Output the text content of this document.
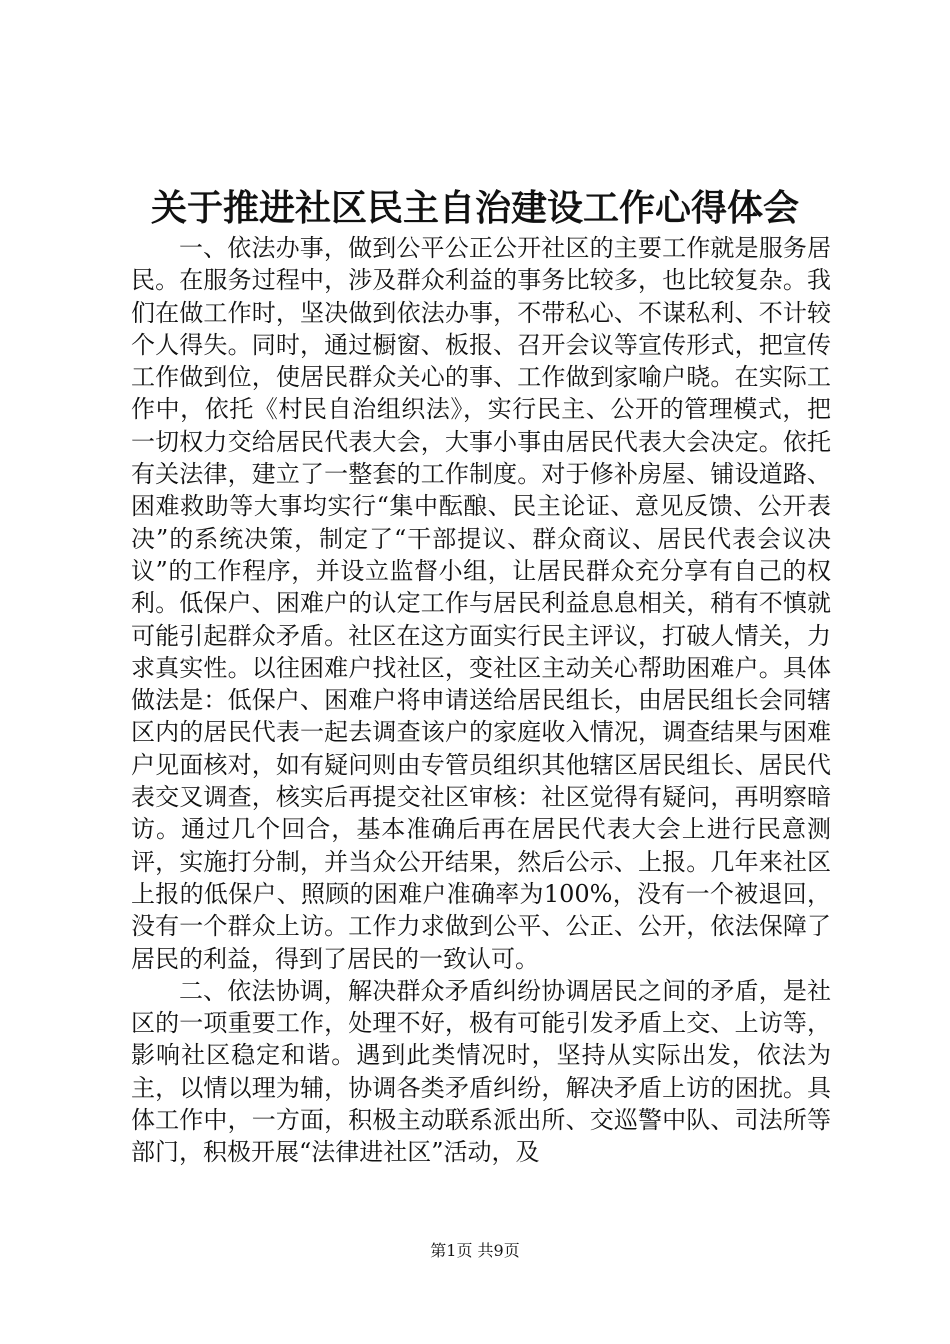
关于推进社区民主自治建设工作心得体会

一、依法办事，做到公平公正公开社区的主要工作就是服务居民。在服务过程中，涉及群众利益的事务比较多，也比较复杂。我们在做工作时，坚决做到依法办事，不带私心、不谋私利、不计较个人得失。同时，通过橱窗、板报、召开会议等宣传形式，把宣传工作做到位，使居民群众关心的事、工作做到家喻户晓。在实际工作中，依托《村民自治组织法》，实行民主、公开的管理模式，把一切权力交给居民代表大会，大事小事由居民代表大会决定。依托有关法律，建立了一整套的工作制度。对于修补房屋、铺设道路、困难救助等大事均实行“集中酝酿、民主论证、意见反馈、公开表决”的系统决策，制定了“干部提议、群众商议、居民代表会议决议”的工作程序，并设立监督小组，让居民群众充分享有自己的权利。低保户、困难户的认定工作与居民利益息息相关，稍有不慎就可能引起群众矛盾。社区在这方面实行民主评议，打破人情关，力求真实性。以往困难户找社区，变社区主动关心帮助困难户。具体做法是：低保户、困难户将申请送给居民组长，由居民组长会同辖区内的居民代表一起去调查该户的家庭收入情况，调查结果与困难户见面核对，如有疑问则由专管员组织其他辖区居民组长、居民代表交叉调查，核实后再提交社区审核：社区觉得有疑问，再明察暗访。通过几个回合，基本准确后再在居民代表大会上进行民意测评，实施打分制，并当众公开结果，然后公示、上报。几年来社区上报的低保户、照顾的困难户准确率为100%，没有一个被退回，没有一个群众上访。工作力求做到公平、公正、公开，依法保障了居民的利益，得到了居民的一致认可。

二、依法协调，解决群众矛盾纠纷协调居民之间的矛盾，是社区的一项重要工作，处理不好，极有可能引发矛盾上交、上访等，影响社区稳定和谐。遇到此类情况时，坚持从实际出发，依法为主，以情以理为辅，协调各类矛盾纠纷，解决矛盾上访的困扰。具体工作中，一方面，积极主动联系派出所、交巡警中队、司法所等部门，积极开展“法律进社区”活动，及

第1页 共9页
